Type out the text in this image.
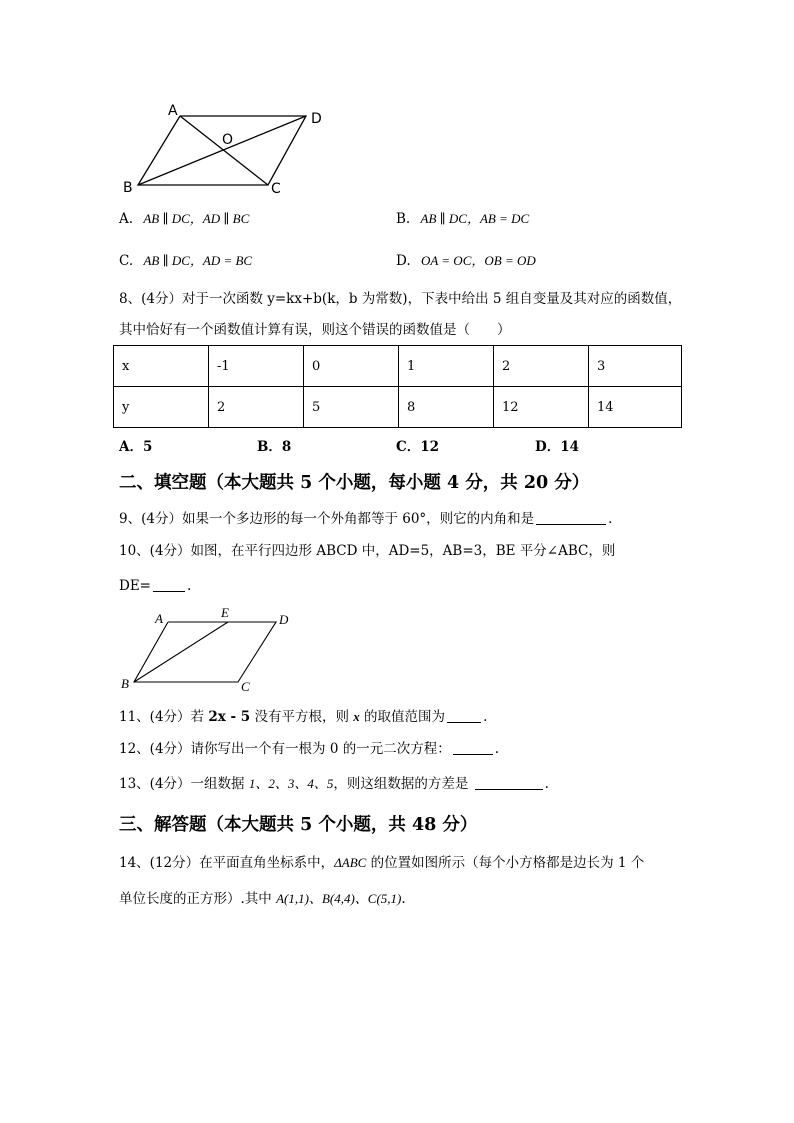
A	D
O
B	C
A. AB ∥ DC，AD ∥ BC	B. AB ∥ DC，AB = DC
C. AB ∥ DC，AD = BC	D. OA = OC，OB = OD
8、(4分）对于一次函数 y=kx+b(k，b 为常数)，下表中给出 5 组自变量及其对应的函数值，
其中恰好有一个函数值计算有误，则这个错误的函数值是（　　）
x	-1	0	1	2	3
y	2	5	8	12	14
A．5	B．8	C．12	D．14
二、填空题（本大题共 5 个小题，每小题 4 分，共 20 分）
9、(4分）如果一个多边形的每一个外角都等于 60°，则它的内角和是	.
10、(4分）如图，在平行四边形 ABCD 中，AD=5，AB=3，BE 平分∠ABC，则
DE=	.
A	E	D
B	C
11、(4分）若 2x - 5 没有平方根，则 x 的取值范围为	.
12、(4分）请你写出一个有一根为 0 的一元二次方程：	.
13、(4分）一组数据 1、2、3、4、5，则这组数据的方差是	.
三、解答题（本大题共 5 个小题，共 48 分）
14、(12分）在平面直角坐标系中，ΔABC 的位置如图所示（每个小方格都是边长为 1 个
单位长度的正方形）.其中 A(1,1)、B(4,4)、C(5,1).
